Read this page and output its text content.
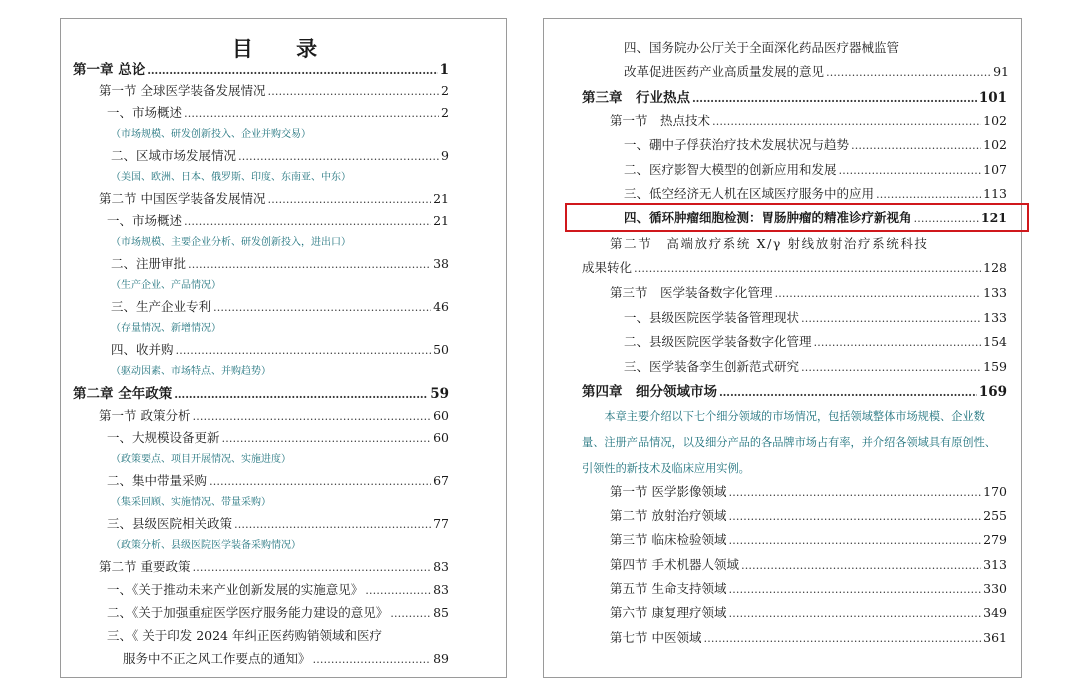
目 录
第一章 总论 ……………………………………………………………………………………………………………………………………………………………………………………………………	1
第一节 全球医学装备发展情况 ……………………………………………………………………………………………………………………………………………………………………………………………………	2
一、市场概述 ……………………………………………………………………………………………………………………………………………………………………………………………………	2
（市场规模、研发创新投入、企业并购交易）
二、区域市场发展情况 ……………………………………………………………………………………………………………………………………………………………………………………………………	9
（美国、欧洲、日本、俄罗斯、印度、东南亚、中东）
第二节 中国医学装备发展情况 ……………………………………………………………………………………………………………………………………………………………………………………………………	21
一、市场概述 ……………………………………………………………………………………………………………………………………………………………………………………………………	21
（市场规模、主要企业分析、研发创新投入，进出口）
二、注册审批 ……………………………………………………………………………………………………………………………………………………………………………………………………	38
（生产企业、产品情况）
三、生产企业专利 ……………………………………………………………………………………………………………………………………………………………………………………………………	46
（存量情况、新增情况）
四、收并购 ……………………………………………………………………………………………………………………………………………………………………………………………………	50
（驱动因素、市场特点、并购趋势）
第二章 全年政策 ……………………………………………………………………………………………………………………………………………………………………………………………………	59
第一节 政策分析 ……………………………………………………………………………………………………………………………………………………………………………………………………	60
一、大规模设备更新 ……………………………………………………………………………………………………………………………………………………………………………………………………	60
（政策要点、项目开展情况、实施进度）
二、集中带量采购 ……………………………………………………………………………………………………………………………………………………………………………………………………	67
（集采回顾、实施情况、带量采购）
三、县级医院相关政策 ……………………………………………………………………………………………………………………………………………………………………………………………………	77
（政策分析、县级医院医学装备采购情况）
第二节 重要政策 ……………………………………………………………………………………………………………………………………………………………………………………………………	83
一、《关于推动未来产业创新发展的实施意见》 ……………………………………………………………………………………………………………………………………………………………………………………………………	83
二、《关于加强重症医学医疗服务能力建设的意见》 ……………………………………………………………………………………………………………………………………………………………………………………………………	85
三、《 关于印发 2024 年纠正医药购销领域和医疗
服务中不正之风工作要点的通知》 ……………………………………………………………………………………………………………………………………………………………………………………………………	89
四、国务院办公厅关于全面深化药品医疗器械监管
改革促进医药产业高质量发展的意见 ……………………………………………………………………………………………………………………………………………………………………………………………………	91
第三章　行业热点 ……………………………………………………………………………………………………………………………………………………………………………………………………	101
第一节　热点技术 ……………………………………………………………………………………………………………………………………………………………………………………………………	102
一、硼中子俘获治疗技术发展状况与趋势 ……………………………………………………………………………………………………………………………………………………………………………………………………	102
二、医疗影智大模型的创新应用和发展 ……………………………………………………………………………………………………………………………………………………………………………………………………	107
三、低空经济无人机在区域医疗服务中的应用 ……………………………………………………………………………………………………………………………………………………………………………………………………	113
四、循环肿瘤细胞检测：胃肠肿瘤的精准诊疗新视角 ……………………………………………………………………………………………………………………………………………………………………………………………………	121
第二节　高端放疗系统 X/γ 射线放射治疗系统科技
成果转化 ……………………………………………………………………………………………………………………………………………………………………………………………………	128
第三节　医学装备数字化管理 ……………………………………………………………………………………………………………………………………………………………………………………………………	133
一、县级医院医学装备管理现状 ……………………………………………………………………………………………………………………………………………………………………………………………………	133
二、县级医院医学装备数字化管理 ……………………………………………………………………………………………………………………………………………………………………………………………………	154
三、医学装备孪生创新范式研究 ……………………………………………………………………………………………………………………………………………………………………………………………………	159
第四章　细分领域市场 ……………………………………………………………………………………………………………………………………………………………………………………………………	169
本章主要介绍以下七个细分领域的市场情况，包括领域整体市场规模、企业数量、注册产品情况，以及细分产品的各品牌市场占有率，并介绍各领域具有原创性、引领性的新技术及临床应用实例。
第一节 医学影像领域 ……………………………………………………………………………………………………………………………………………………………………………………………………	170
第二节 放射治疗领域 ……………………………………………………………………………………………………………………………………………………………………………………………………	255
第三节 临床检验领域 ……………………………………………………………………………………………………………………………………………………………………………………………………	279
第四节 手术机器人领域 ……………………………………………………………………………………………………………………………………………………………………………………………………	313
第五节 生命支持领域 ……………………………………………………………………………………………………………………………………………………………………………………………………	330
第六节 康复理疗领域 ……………………………………………………………………………………………………………………………………………………………………………………………………	349
第七节 中医领域 ……………………………………………………………………………………………………………………………………………………………………………………………………	361
